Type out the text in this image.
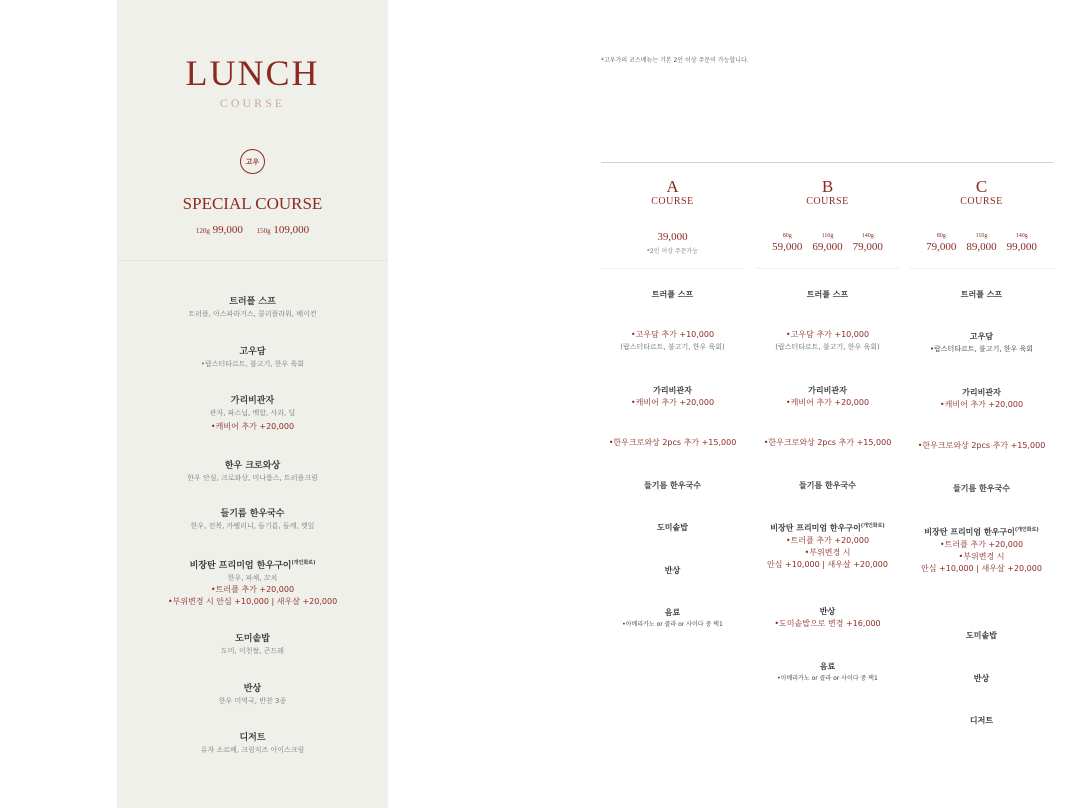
LUNCH
COURSE
고우
SPECIAL COURSE
120g 99,000 150g 109,000
트러플 스프
트러플, 아스파라거스, 콜리플라워, 베이컨
고우담
•랍스터타르트, 불고기, 한우 육회
가리비관자
관자, 파스닙, 백합, 사과, 딜
•캐비어 추가 +20,000
한우 크로와상
한우 안심, 크로와상, 미나릅스, 트러플크림
들기름 한우국수
한우, 전복, 카펠리니, 들기름, 들깨, 깻잎
비장탄 프리미엄 한우구이$^{(개인화로)}$
한우, 파채, 꼬치
•트러플 추가 +20,000
•부위변경 시 안심 +10,000 | 새우살 +20,000
도미솥밥
도미, 이천쌀, 곤드레
반상
한우 미역국, 반찬 3종
디저트
유자 소르베, 크림치즈 아이스크림
*고우가의 코스메뉴는 기본 2인 이상 주문이 가능합니다.
A
COURSE
39,000
*2인 이상 주문가능
트러플 스프
•고우담 추가 +10,000
(랍스터타르트, 불고기, 한우 육회)
가리비관자
•캐비어 추가 +20,000
•한우크로와상 2pcs 추가 +15,000
들기름 한우국수
도미솥밥
반상
음료
•아메리카노 or 콜라 or 사이다 중 택1
B
COURSE
80g
59,000
110g
69,000
140g
79,000
트러플 스프
•고우담 추가 +10,000
(랍스터타르트, 불고기, 한우 육회)
가리비관자
•캐비어 추가 +20,000
•한우크로와상 2pcs 추가 +15,000
들기름 한우국수
비장탄 프리미엄 한우구이$^{(개인화로)}$
•트러플 추가 +20,000
•부위변경 시
안심 +10,000 | 새우살 +20,000
반상
•도미솥밥으로 변경 +16,000
음료
•아메리카노 or 콜라 or 사이다 중 택1
C
COURSE
80g
79,000
110g
89,000
140g
99,000
트러플 스프
고우담
•랍스터타르트, 불고기, 한우 육회
가리비관자
•캐비어 추가 +20,000
•한우크로와상 2pcs 추가 +15,000
들기름 한우국수
비장탄 프리미엄 한우구이$^{(개인화로)}$
•트러플 추가 +20,000
•부위변경 시
안심 +10,000 | 새우살 +20,000
도미솥밥
반상
디저트
